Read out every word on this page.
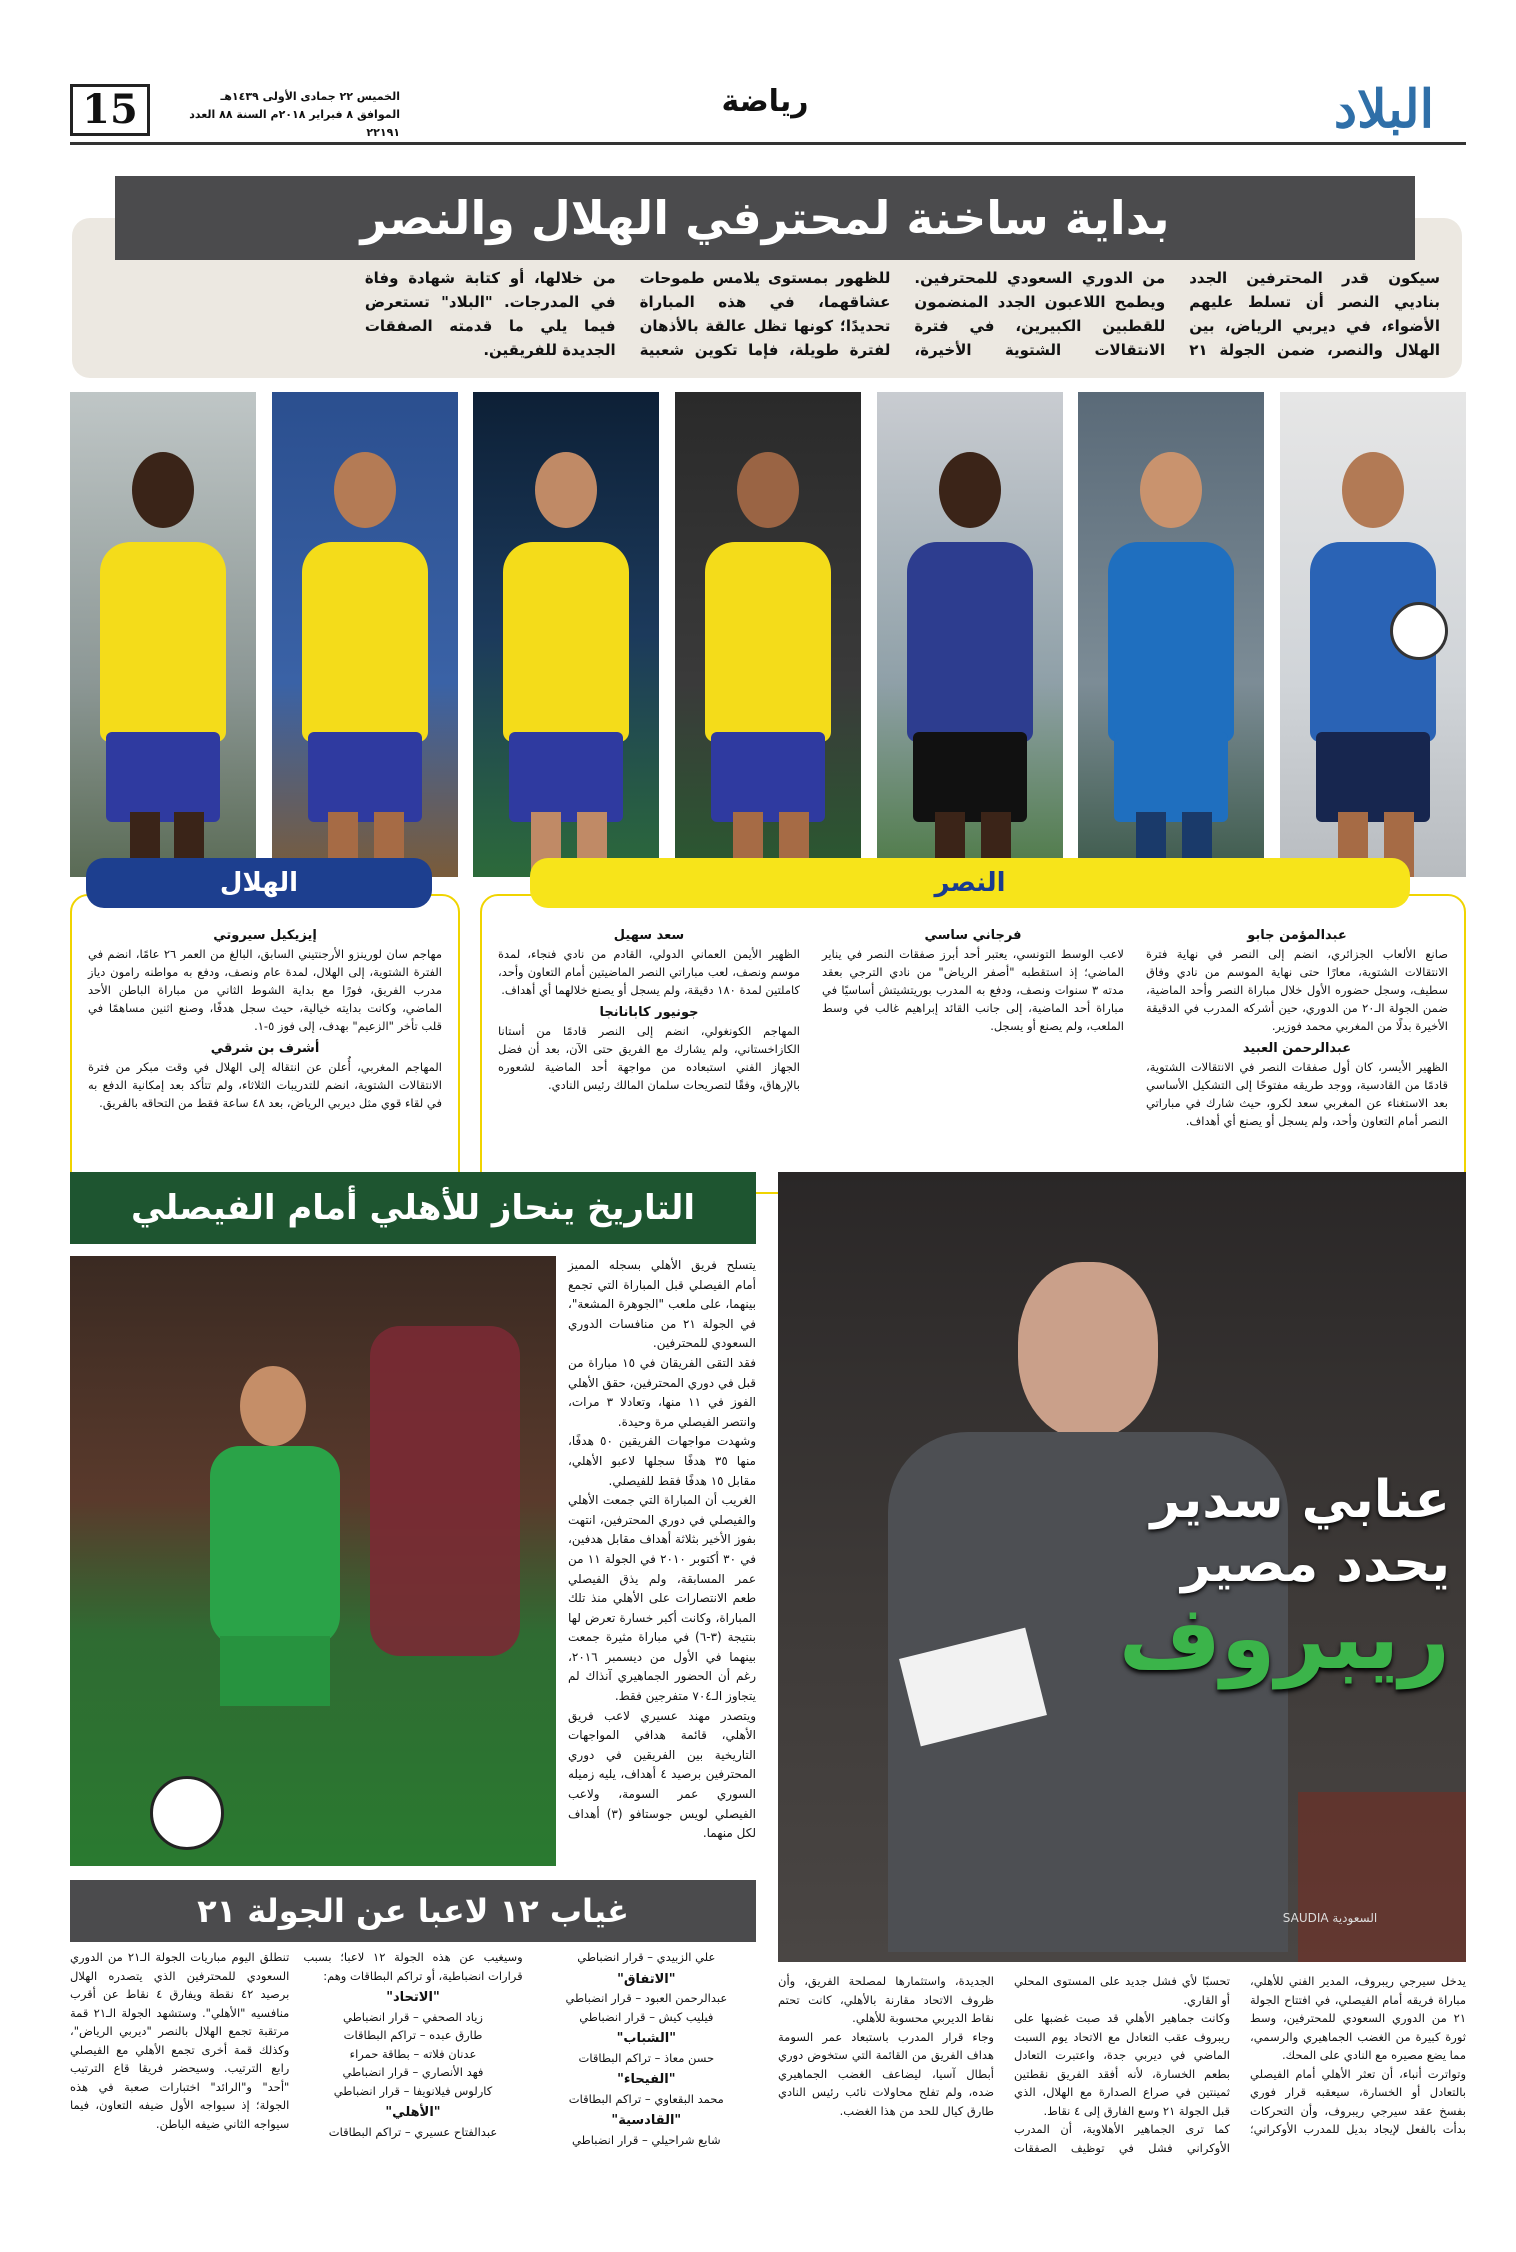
البلاد
رياضة
الخميس ٢٢ جمادى الأولى ١٤٣٩هـ
الموافق ٨ فبراير ٢٠١٨م السنة ٨٨ العدد ٢٢١٩١
15
بداية ساخنة لمحترفي الهلال والنصر
سيكون قدر المحترفين الجدد بناديي النصر أن تسلط عليهم الأضواء، في ديربي الرياض، بين الهلال والنصر، ضمن الجولة ٢١ من الدوري السعودي للمحترفين. ويطمح اللاعبون الجدد المنضمون للقطبين الكبيرين، في فترة الانتقالات الشتوية الأخيرة، للظهور بمستوى يلامس طموحات عشاقهما، في هذه المباراة تحديدًا؛ كونها تظل عالقة بالأذهان لفترة طويلة، فإما تكوين شعبية من خلالها، أو كتابة شهادة وفاة في المدرجات. "البلاد" تستعرض فيما يلي ما قدمته الصفقات الجديدة للفريقين.
سعد سهيل

الظهير الأيمن العماني الدولي، القادم من نادي فنجاء، لمدة موسم ونصف، لعب مباراتي النصر الماضيتين أمام التعاون وأحد، كاملتين لمدة ١٨٠ دقيقة، ولم يسجل أو يصنع خلالهما أي أهداف.

جونيور كابانانجا

المهاجم الكونغولي، انضم إلى النصر قادمًا من أستانا الكازاخستاني، ولم يشارك مع الفريق حتى الآن، بعد أن فضل الجهاز الفني استبعاده من مواجهة أحد الماضية لشعوره بالإرهاق، وفقًا لتصريحات سلمان المالك رئيس النادي.

فرجاني ساسي

لاعب الوسط التونسي، يعتبر أحد أبرز صفقات النصر في يناير الماضي؛ إذ استقطبه "أصفر الرياض" من نادي الترجي بعقد مدته ٣ سنوات ونصف، ودفع به المدرب بوريتشيتش أساسيًا في مباراة أحد الماضية، إلى جانب القائد إبراهيم غالب في وسط الملعب، ولم يصنع أو يسجل.

عبدالمؤمن جابو

صانع الألعاب الجزائري، انضم إلى النصر في نهاية فترة الانتقالات الشتوية، معارًا حتى نهاية الموسم من نادي وفاق سطيف، وسجل حضوره الأول خلال مباراة النصر وأحد الماضية، ضمن الجولة الـ٢٠ من الدوري، حين أشركه المدرب في الدقيقة الأخيرة بدلًا من المغربي محمد فوزير.

عبدالرحمن العبيد

الظهير الأيسر، كان أول صفقات النصر في الانتقالات الشتوية، قادمًا من القادسية، ووجد طريقه مفتوحًا إلى التشكيل الأساسي بعد الاستغناء عن المغربي سعد لكرو، حيث شارك في مباراتي النصر أمام التعاون وأحد، ولم يسجل أو يصنع أي أهداف.

إيزيكيل سيروتي

مهاجم سان لورينزو الأرجنتيني السابق، البالغ من العمر ٢٦ عامًا، انضم في الفترة الشتوية، إلى الهلال، لمدة عام ونصف، ودفع به مواطنه رامون دياز مدرب الفريق، فورًا مع بداية الشوط الثاني من مباراة الباطن الأحد الماضي، وكانت بدايته خيالية، حيث سجل هدفًا، وصنع اثنين مساهمًا في قلب تأخر "الزعيم" بهدف، إلى فوز ٥-١.

أشرف بن شرقي

المهاجم المغربي، أُعلن عن انتقاله إلى الهلال في وقت مبكر من فترة الانتقالات الشتوية، انضم للتدريبات الثلاثاء، ولم تتأكد بعد إمكانية الدفع به في لقاء قوي مثل ديربي الرياض، بعد ٤٨ ساعة فقط من التحاقه بالفريق.

النصر
الهلال
التاريخ ينحاز للأهلي أمام الفيصلي

يتسلح فريق الأهلي بسجله المميز أمام الفيصلي قبل المباراة التي تجمع بينهما، على ملعب "الجوهرة المشعة"، في الجولة ٢١ من منافسات الدوري السعودي للمحترفين.

فقد التقى الفريقان في ١٥ مباراة من قبل في دوري المحترفين، حقق الأهلي الفوز في ١١ منها، وتعادلا ٣ مرات، وانتصر الفيصلي مرة وحيدة.

وشهدت مواجهات الفريقين ٥٠ هدفًا، منها ٣٥ هدفًا سجلها لاعبو الأهلي، مقابل ١٥ هدفًا فقط للفيصلي.

الغريب أن المباراة التي جمعت الأهلي والفيصلي في دوري المحترفين، انتهت بفوز الأخير بثلاثة أهداف مقابل هدفين، في ٣٠ أكتوبر ٢٠١٠ في الجولة ١١ من عمر المسابقة، ولم يذق الفيصلي طعم الانتصارات على الأهلي منذ تلك المباراة، وكانت أكبر خسارة تعرض لها بنتيجة (٣-٦) في مباراة مثيرة جمعت بينهما في الأول من ديسمبر ٢٠١٦، رغم أن الحضور الجماهيري آنذاك لم يتجاوز الـ٧٠٤ متفرجين فقط.

ويتصدر مهند عسيري لاعب فريق الأهلي، قائمة هدافي المواجهات التاريخية بين الفريقين في دوري المحترفين برصيد ٤ أهداف، يليه زميله السوري عمر السومة، ولاعب الفيصلي لويس جوستافو (٣) أهداف لكل منهما.

غياب ١٢ لاعبا عن الجولة ٢١

تنطلق اليوم مباريات الجولة الـ٢١ من الدوري السعودي للمحترفين الذي يتصدره الهلال برصيد ٤٢ نقطة ويفارق ٤ نقاط عن أقرب منافسيه "الأهلي". وستشهد الجولة الـ٢١ قمة مرتقبة تجمع الهلال بالنصر "ديربي الرياض"، وكذلك قمة أخرى تجمع الأهلي مع الفيصلي رابع الترتيب. وسيحضر فريقا قاع الترتيب "أحد" و"الرائد" اختبارات صعبة في هذه الجولة؛ إذ سيواجه الأول ضيفه التعاون، فيما سيواجه الثاني ضيفه الباطن.

وسيغيب عن هذه الجولة ١٢ لاعبا؛ بسبب قرارات انضباطية، أو تراكم البطاقات وهم:

"الاتحاد"
زياد الصحفي – قرار انضباطي
طارق عبده – تراكم البطاقات
عدنان فلاته – بطاقة حمراء
فهد الأنصاري – قرار انضباطي
كارلوس فيلانويفا – قرار انضباطي
"الأهلي"
عبدالفتاح عسيري – تراكم البطاقات
علي الزبيدي – قرار انضباطي
"الاتفاق"
عبدالرحمن العبود – قرار انضباطي
فيليب كيش – قرار انضباطي
"الشباب"
حسن معاذ – تراكم البطاقات
"الفيحاء"
محمد البقعاوي – تراكم البطاقات
"القادسية"
شايع شراحيلي – قرار انضباطي
عنابي سدير
يحدد مصير
ريبروف
السعودية SAUDIA

يدخل سيرجي ريبروف، المدير الفني للأهلي، مباراة فريقه أمام الفيصلي، في افتتاح الجولة ٢١ من الدوري السعودي للمحترفين، وسط ثورة كبيرة من الغضب الجماهيري والرسمي، مما يضع مصيره مع النادي على المحك.

وتواترت أنباء، أن تعثر الأهلي أمام الفيصلي بالتعادل أو الخسارة، سيعقبه قرار فوري بفسخ عقد سيرجي ريبروف، وأن التحركات بدأت بالفعل لإيجاد بديل للمدرب الأوكراني؛ تحسبًا لأي فشل جديد على المستوى المحلي أو القاري.

وكانت جماهير الأهلي قد صبت غضبها على ريبروف عقب التعادل مع الاتحاد يوم السبت الماضي في ديربي جدة، واعتبرت التعادل بطعم الخسارة، لأنه أفقد الفريق نقطتين ثمينتين في صراع الصدارة مع الهلال، الذي قبل الجولة ٢١ وسع الفارق إلى ٤ نقاط.

كما ترى الجماهير الأهلاوية، أن المدرب الأوكراني فشل في توظيف الصفقات الجديدة، واستثمارها لمصلحة الفريق، وأن ظروف الاتحاد مقارنة بالأهلي، كانت تحتم نقاط الديربي محسوبة للأهلي.

وجاء قرار المدرب باستبعاد عمر السومة هداف الفريق من القائمة التي ستخوض دوري أبطال آسيا، ليضاعف الغضب الجماهيري ضده، ولم تفلح محاولات نائب رئيس النادي طارق كيال للحد من هذا الغضب.
